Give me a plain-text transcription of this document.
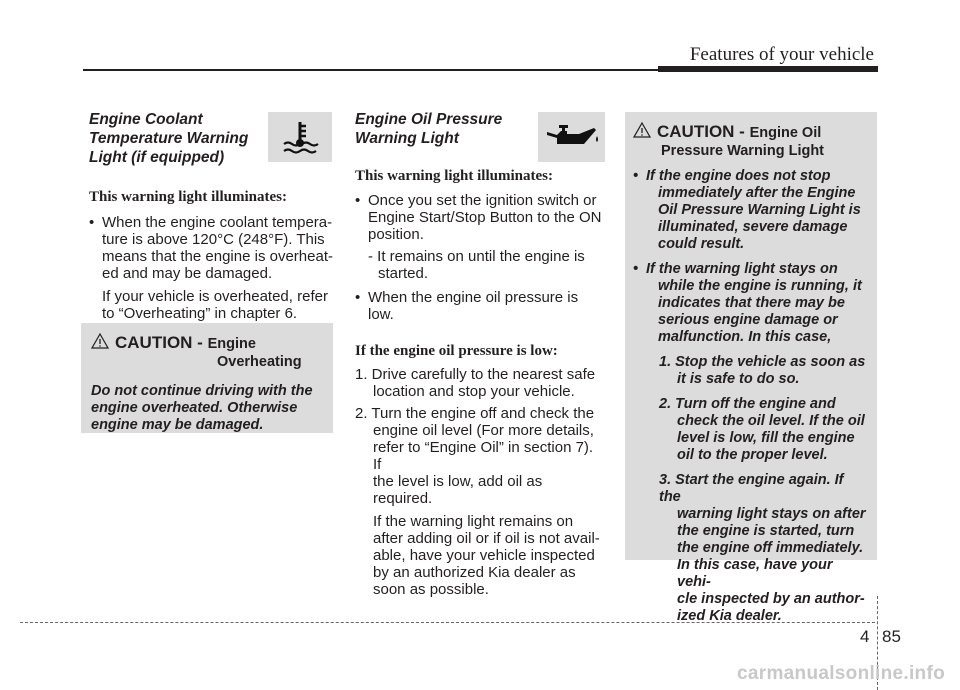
Features of your vehicle
Engine Coolant
Temperature Warning
Light (if equipped)
This warning light illuminates:
• When the engine coolant tempera-
ture is above 120°C (248°F). This
means that the engine is overheat-
ed and may be damaged.
If your vehicle is overheated, refer
to “Overheating” in chapter 6.
CAUTION - Engine
Overheating
Do not continue driving with the
engine overheated. Otherwise
engine may be damaged.
Engine Oil Pressure
Warning Light
This warning light illuminates:
• Once you set the ignition switch or
Engine Start/Stop Button to the ON
position.
- It remains on until the engine is
started.
• When the engine oil pressure is low.
If the engine oil pressure is low:
1. Drive carefully to the nearest safe
location and stop your vehicle.
2. Turn the engine off and check the
engine oil level (For more details,
refer to “Engine Oil” in section 7). If
the level is low, add oil as required.
If the warning light remains on
after adding oil or if oil is not avail-
able, have your vehicle inspected
by an authorized Kia dealer as
soon as possible.
CAUTION - Engine Oil
Pressure Warning Light
• If the engine does not stop
immediately after the Engine
Oil Pressure Warning Light is
illuminated, severe damage
could result.
• If the warning light stays on
while the engine is running, it
indicates that there may be
serious engine damage or
malfunction. In this case,
1. Stop the vehicle as soon as
it is safe to do so.
2. Turn off the engine and
check the oil level. If the oil
level is low, fill the engine
oil to the proper level.
3. Start the engine again. If the
warning light stays on after
the engine is started, turn
the engine off immediately.
In this case, have your vehi-
cle inspected by an author-
ized Kia dealer.
4 85
carmanualsonline.info
